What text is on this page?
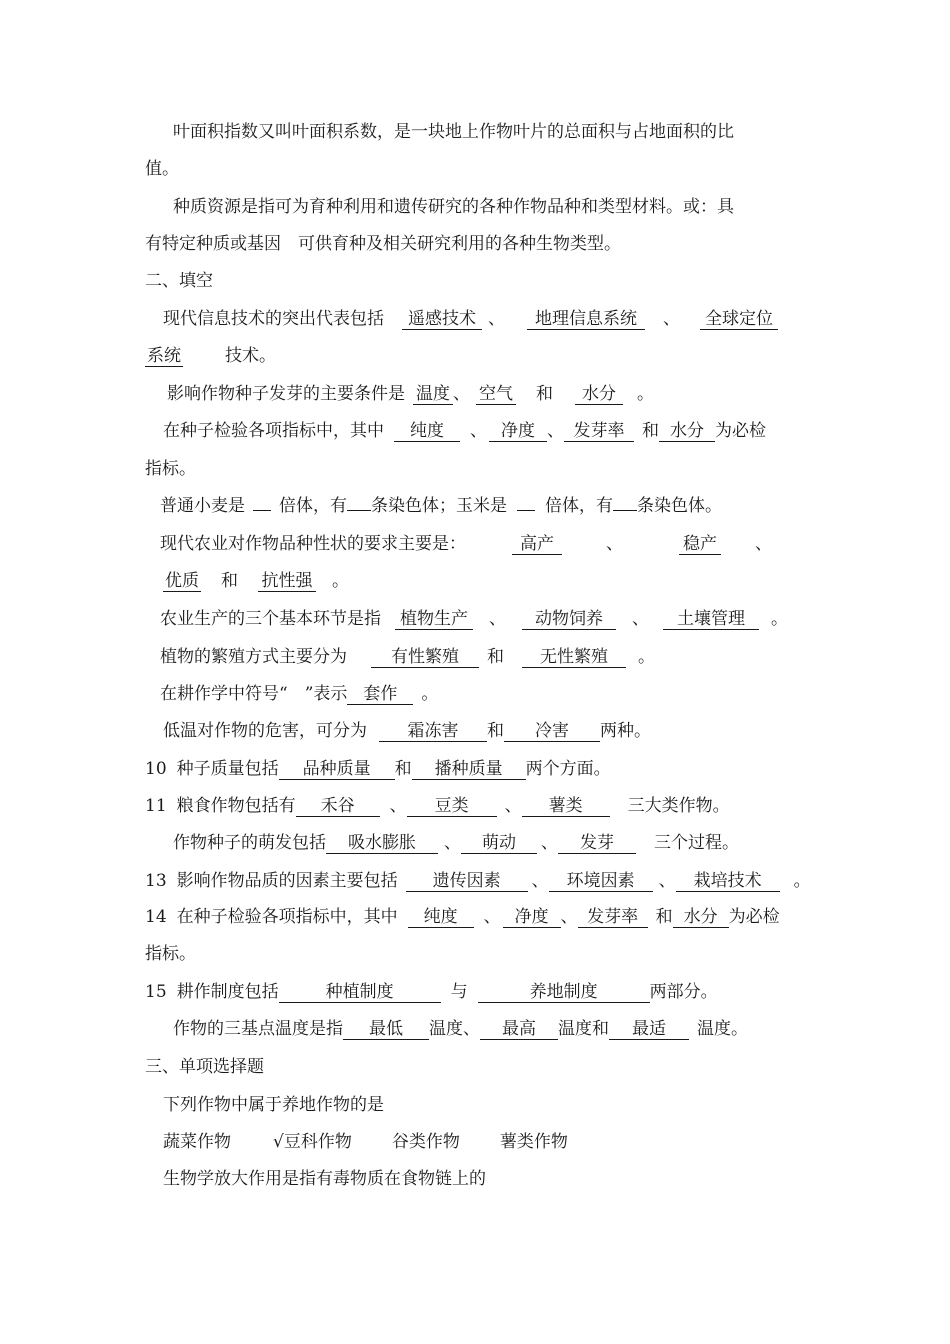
叶面积指数又叫叶面积系数，是一块地上作物叶片的总面积与占地面积的比
值。
种质资源是指可为育种利用和遗传研究的各种作物品种和类型材料。或：具
有特定种质或基因　可供育种及相关研究利用的各种生物类型。
二、填空
现代信息技术的突出代表包括 遥感技术 、 地理信息系统 、 全球定位
系统	技术。
影响作物种子发芽的主要条件是 温度 、 空气 和 水分 。
在种子检验各项指标中，其中 纯度 、 净度 、 发芽率 和 水分 为必检
指标。
普通小麦是 倍体，有 条染色体；玉米是 倍体，有 条染色体。
现代农业对作物品种性状的要求主要是：	高产	、	稳产 、
优质 和 抗性强 。
农业生产的三个基本环节是指 植物生产 、 动物饲养 、 土壤管理 。
植物的繁殖方式主要分为	有性繁殖 和 无性繁殖 。
在耕作学中符号“　”表示 套作 。
低温对作物的危害，可分为 霜冻害 和 冷害 两种。
10 种子质量包括 品种质量 和 播种质量 两个方面。
11 粮食作物包括有 禾谷 、 豆类 、 薯类	三大类作物。
作物种子的萌发包括 吸水膨胀 、 萌动 、 发芽 三个过程。
13 影响作物品质的因素主要包括 遗传因素 、 环境因素 、 栽培技术 。
14 在种子检验各项指标中，其中 纯度 、 净度 、 发芽率 和 水分 为必检
指标。
15 耕作制度包括	种植制度	与	养地制度	两部分。
作物的三基点温度是指 最低 温度、 最高 温度和 最适 温度。
三、单项选择题
下列作物中属于养地作物的是
蔬菜作物 √豆科作物 谷类作物 薯类作物
生物学放大作用是指有毒物质在食物链上的
